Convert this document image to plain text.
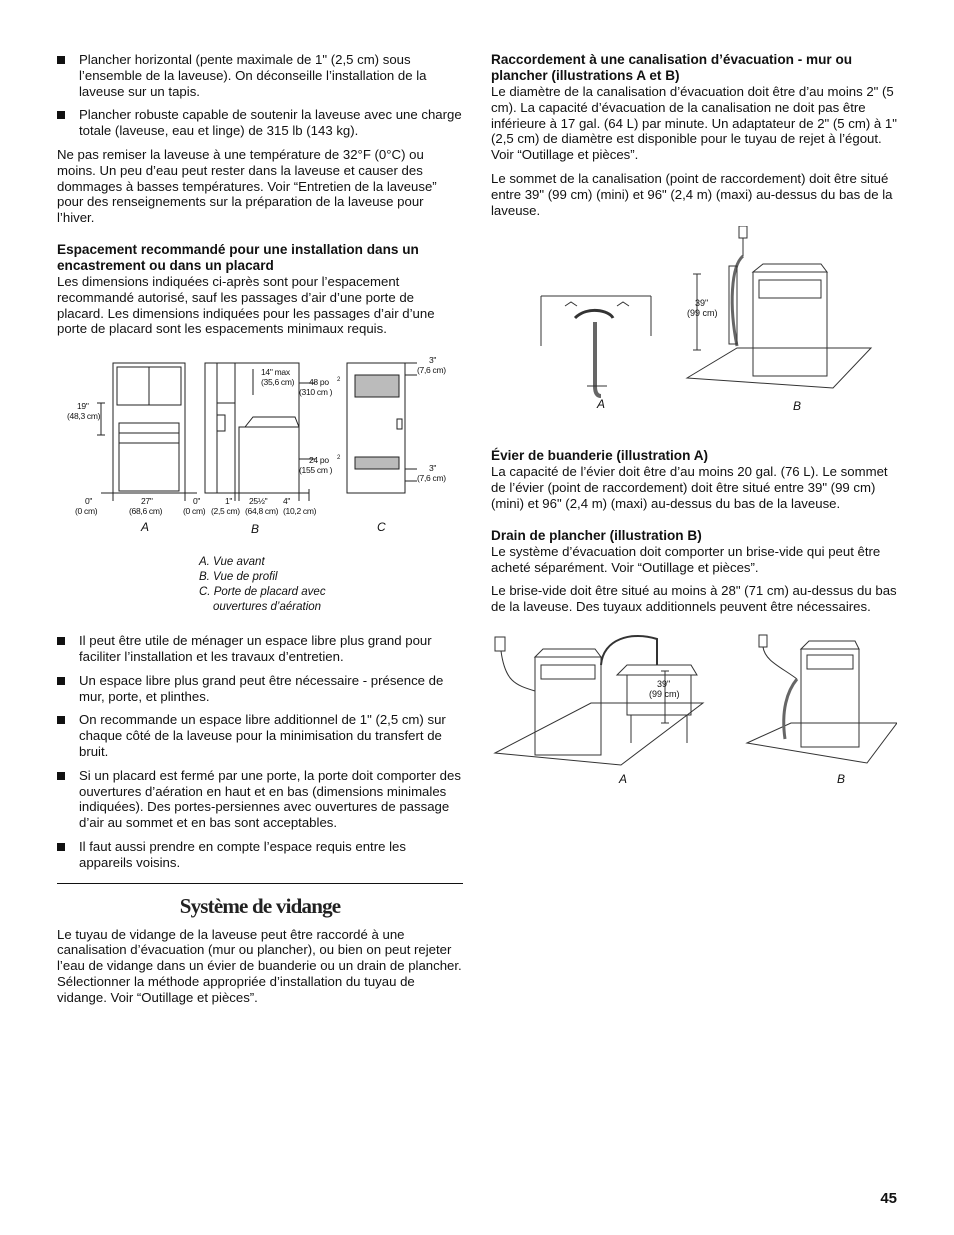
Plancher horizontal (pente maximale de 1" (2,5 cm) sous l’ensemble de la laveuse). On déconseille l’installation de la laveuse sur un tapis.
Plancher robuste capable de soutenir la laveuse avec une charge totale (laveuse, eau et linge) de 315 lb (143 kg).

Ne pas remiser la laveuse à une température de 32°F (0°C) ou moins. Un peu d’eau peut rester dans la laveuse et causer des dommages à basses températures. Voir “Entretien de la laveuse” pour des renseignements sur la préparation de la laveuse pour l’hiver.

Espacement recommandé pour une installation dans un encastrement ou dans un placard

Les dimensions indiquées ci-après sont pour l’espacement recommandé autorisé, sauf les passages d’air d’une porte de placard. Les dimensions indiquées pour les passages d’air d’une porte de placard sont les espacements minimaux requis.

19"
(48,3 cm)
0"
(0 cm)
27"
(68,6 cm)
0"
(0 cm)
1"
(2,5 cm)
25½"
(64,8 cm)
4"
(10,2 cm)
14" max
(35,6 cm) 48 po 2
(310 cm )
24 po 2
(155 cm )
3"
(7,6 cm)
3"
(7,6 cm)
A	B	C
A. Vue avant
B. Vue de profil
C. Porte de placard avec
ouvertures d’aération
Il peut être utile de ménager un espace libre plus grand pour faciliter l’installation et les travaux d’entretien.
Un espace libre plus grand peut être nécessaire - présence de mur, porte, et plinthes.
On recommande un espace libre additionnel de 1" (2,5 cm) sur chaque côté de la laveuse pour la minimisation du transfert de bruit.
Si un placard est fermé par une porte, la porte doit comporter des ouvertures d’aération en haut et en bas (dimensions minimales indiquées). Des portes-persiennes avec ouvertures de passage d’air au sommet et en bas sont acceptables.
Il faut aussi prendre en compte l’espace requis entre les appareils voisins.
Système de vidange

Le tuyau de vidange de la laveuse peut être raccordé à une canalisation d’évacuation (mur ou plancher), ou bien on peut rejeter l’eau de vidange dans un évier de buanderie ou un drain de plancher. Sélectionner la méthode appropriée d’installation du tuyau de vidange. Voir “Outillage et pièces”.

Raccordement à une canalisation d’évacuation - mur ou plancher (illustrations A et B)

Le diamètre de la canalisation d’évacuation doit être d’au moins 2" (5 cm). La capacité d’évacuation de la canalisation ne doit pas être inférieure à 17 gal. (64 L) par minute. Un adaptateur de 2" (5 cm) à 1" (2,5 cm) de diamètre est disponible pour le tuyau de rejet à l’égout. Voir “Outillage et pièces”.

Le sommet de la canalisation (point de raccordement) doit être situé entre 39" (99 cm) (mini) et 96" (2,4 m) (maxi) au-dessus du bas de la laveuse.

39"
(99 cm)
A	B
Évier de buanderie (illustration A)

La capacité de l’évier doit être d’au moins 20 gal. (76 L). Le sommet de l’évier (point de raccordement) doit être situé entre 39" (99 cm) (mini) et 96" (2,4 m) (maxi) au-dessus du bas de la laveuse.

Drain de plancher (illustration B)

Le système d’évacuation doit comporter un brise-vide qui peut être acheté séparément. Voir “Outillage et pièces”.

Le brise-vide doit être situé au moins à 28" (71 cm) au-dessus du bas de la laveuse. Des tuyaux additionnels peuvent être nécessaires.

39"
(99 cm)
A	B
45
